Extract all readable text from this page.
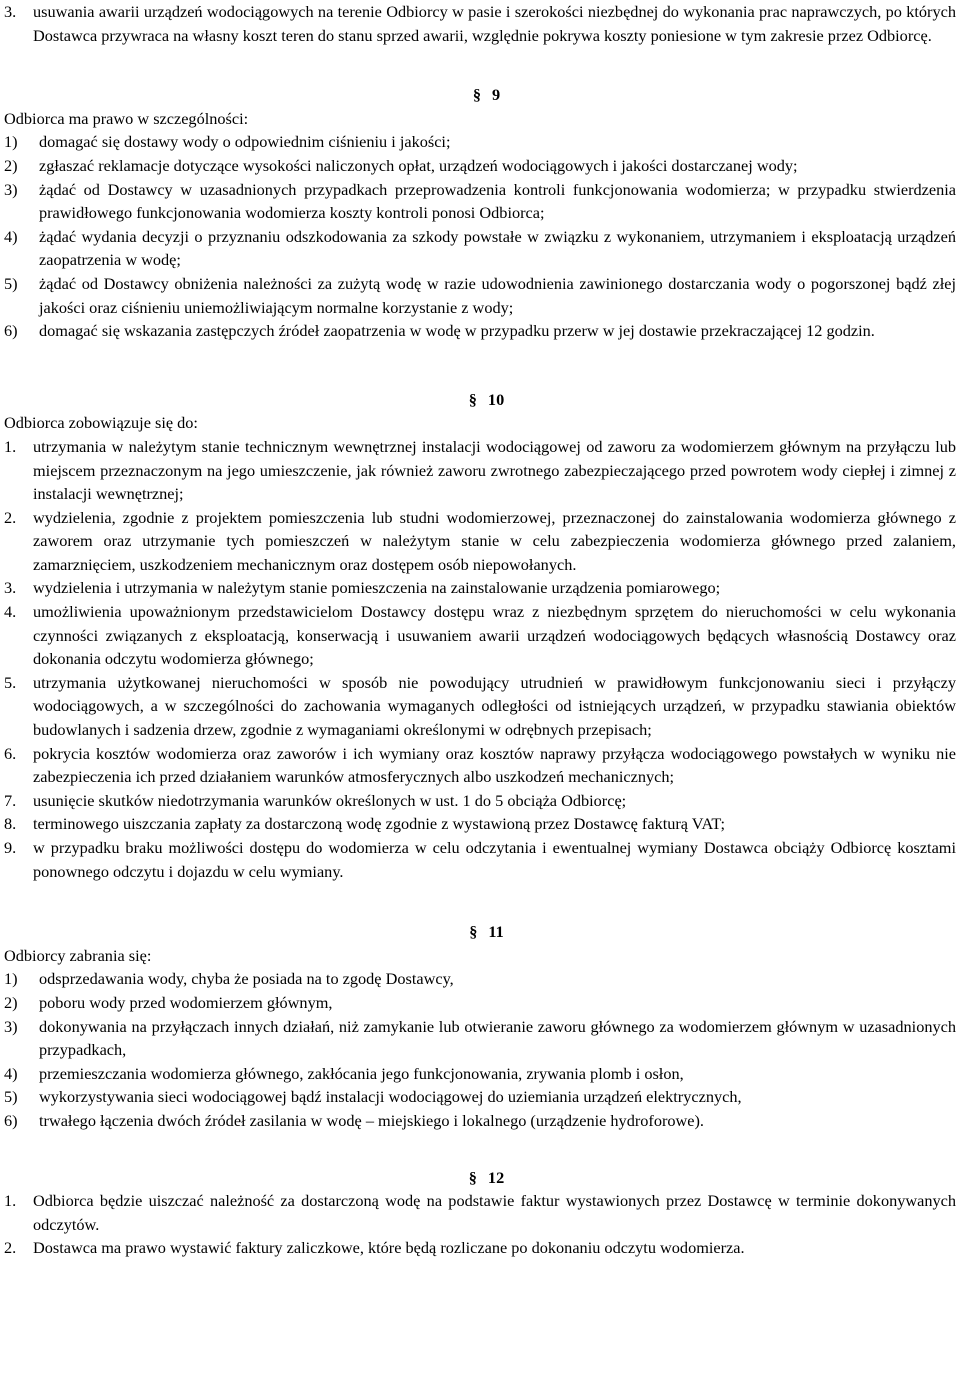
3.	usuwania awarii urządzeń wodociągowych na terenie Odbiorcy w pasie i szerokości niezbędnej do wykonania prac naprawczych, po których Dostawca przywraca na własny koszt teren do stanu sprzed awarii, względnie pokrywa koszty poniesione w tym zakresie przez Odbiorcę.
§ 9
Odbiorca ma prawo w szczególności:
1)	domagać się dostawy wody o odpowiednim ciśnieniu i jakości;
2)	zgłaszać reklamacje dotyczące wysokości naliczonych opłat, urządzeń wodociągowych i jakości dostarczanej wody;
3)	żądać od Dostawcy w uzasadnionych przypadkach przeprowadzenia kontroli funkcjonowania wodomierza; w przypadku stwierdzenia prawidłowego funkcjonowania wodomierza koszty kontroli ponosi Odbiorca;
4)	żądać wydania decyzji o przyznaniu odszkodowania za szkody powstałe w związku z wykonaniem, utrzymaniem i eksploatacją urządzeń zaopatrzenia w wodę;
5)	żądać od Dostawcy obniżenia należności za zużytą wodę w razie udowodnienia zawinionego dostarczania wody o pogorszonej bądź złej jakości oraz ciśnieniu uniemożliwiającym normalne korzystanie z wody;
6)	domagać się wskazania zastępczych źródeł zaopatrzenia w wodę w przypadku przerw w jej dostawie przekraczającej 12 godzin.
§ 10
Odbiorca zobowiązuje się do:
1.	utrzymania w należytym stanie technicznym wewnętrznej instalacji wodociągowej od zaworu za wodomierzem głównym na przyłączu lub miejscem przeznaczonym na jego umieszczenie, jak również zaworu zwrotnego zabezpieczającego przed powrotem wody ciepłej i zimnej z instalacji wewnętrznej;
2.	wydzielenia, zgodnie z projektem pomieszczenia lub studni wodomierzowej, przeznaczonej do zainstalowania wodomierza głównego z zaworem oraz utrzymanie tych pomieszczeń w należytym stanie w celu zabezpieczenia wodomierza głównego przed zalaniem, zamarznięciem, uszkodzeniem mechanicznym oraz dostępem osób niepowołanych.
3.	wydzielenia i utrzymania w należytym stanie pomieszczenia na zainstalowanie urządzenia pomiarowego;
4.	umożliwienia upoważnionym przedstawicielom Dostawcy dostępu wraz z niezbędnym sprzętem do nieruchomości w celu wykonania czynności związanych z eksploatacją, konserwacją i usuwaniem awarii urządzeń wodociągowych będących własnością Dostawcy oraz dokonania odczytu wodomierza głównego;
5.	utrzymania użytkowanej nieruchomości w sposób nie powodujący utrudnień w prawidłowym funkcjonowaniu sieci i przyłączy wodociągowych, a w szczególności do zachowania wymaganych odległości od istniejących urządzeń, w przypadku stawiania obiektów budowlanych i sadzenia drzew, zgodnie z wymaganiami określonymi w odrębnych przepisach;
6.	pokrycia kosztów wodomierza oraz zaworów i ich wymiany oraz kosztów naprawy przyłącza wodociągowego powstałych w wyniku nie zabezpieczenia ich przed działaniem warunków atmosferycznych albo uszkodzeń mechanicznych;
7.	usunięcie skutków niedotrzymania warunków określonych w ust. 1 do 5 obciąża Odbiorcę;
8.	terminowego uiszczania zapłaty za dostarczoną wodę zgodnie z wystawioną przez Dostawcę fakturą VAT;
9.	w przypadku braku możliwości dostępu do wodomierza w celu odczytania i ewentualnej wymiany Dostawca obciąży Odbiorcę kosztami ponownego odczytu i dojazdu w celu wymiany.
§ 11
Odbiorcy zabrania się:
1)	odsprzedawania wody, chyba że posiada na to zgodę Dostawcy,
2)	poboru wody przed wodomierzem głównym,
3)	dokonywania na przyłączach innych działań, niż zamykanie lub otwieranie zaworu głównego za wodomierzem głównym w uzasadnionych przypadkach,
4)	przemieszczania wodomierza głównego, zakłócania jego funkcjonowania, zrywania plomb i osłon,
5)	wykorzystywania sieci wodociągowej bądź instalacji wodociągowej do uziemiania urządzeń elektrycznych,
6)	trwałego łączenia dwóch źródeł zasilania w wodę – miejskiego i lokalnego (urządzenie hydroforowe).
§ 12
1.	Odbiorca będzie uiszczać należność za dostarczoną wodę na podstawie faktur wystawionych przez Dostawcę w terminie dokonywanych odczytów.
2.	Dostawca ma prawo wystawić faktury zaliczkowe, które będą rozliczane po dokonaniu odczytu wodomierza.
